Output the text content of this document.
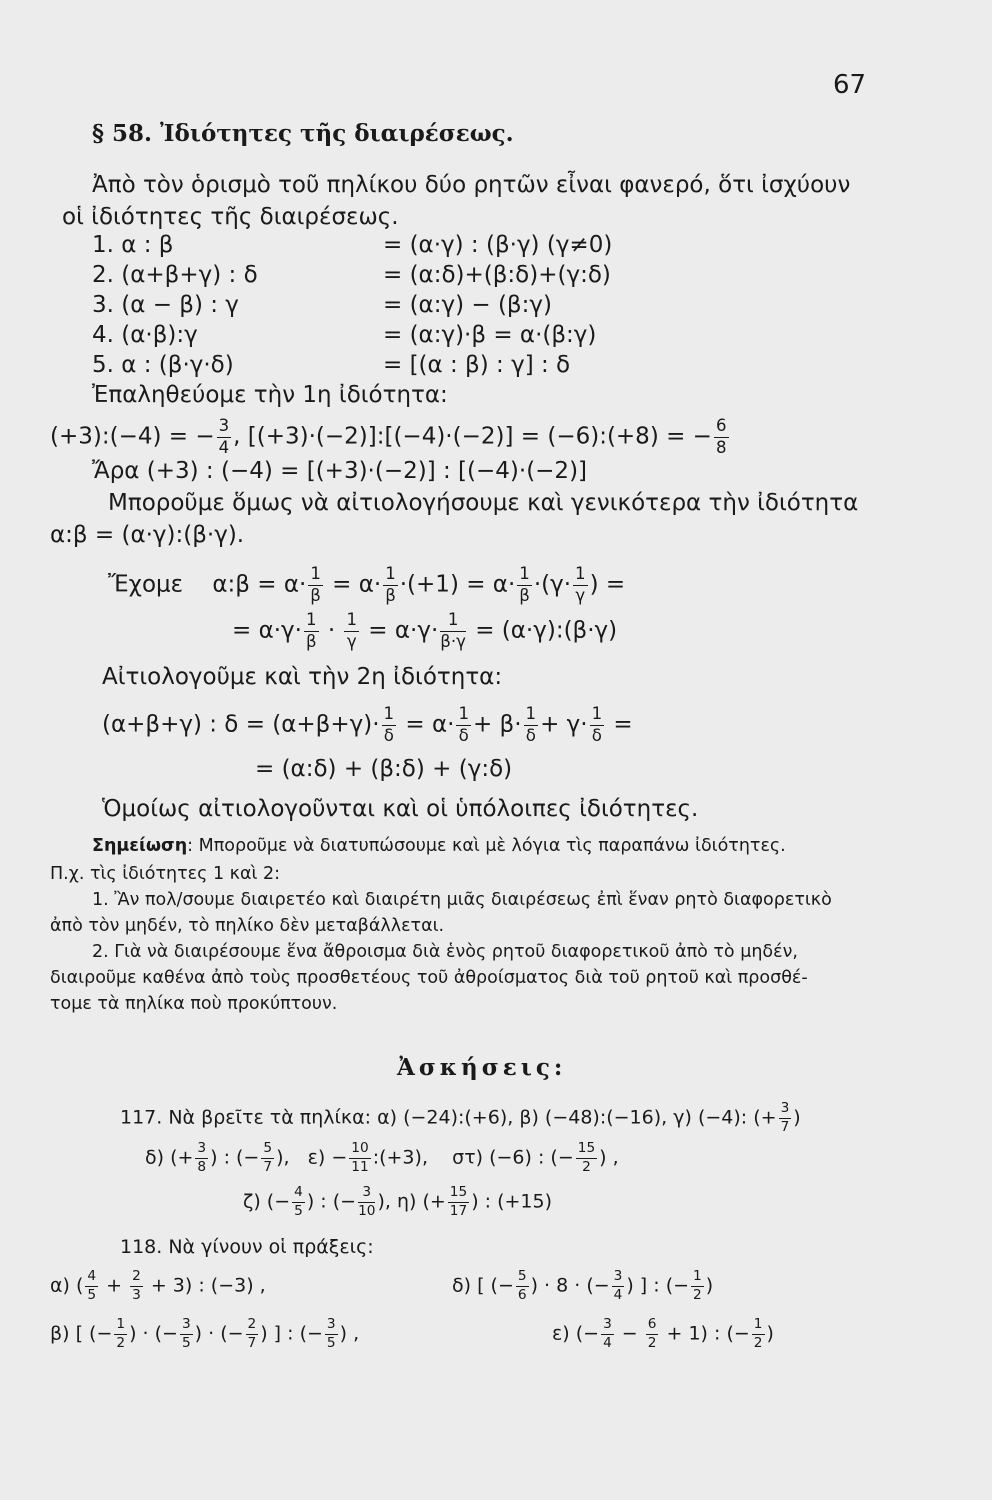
67
§ 58. Ἰδιότητες τῆς διαιρέσεως.
Ἀπὸ τὸν ὁρισμὸ τοῦ πηλίκου δύο ρητῶν εἶναι φανερό, ὅτι ἰσχύουν
οἱ ἰδιότητες τῆς διαιρέσεως.
1. α : β	= (α·γ) : (β·γ) (γ≠0)
2. (α+β+γ) : δ	= (α:δ)+(β:δ)+(γ:δ)
3. (α − β) : γ	= (α:γ) − (β:γ)
4. (α·β):γ	= (α:γ)·β = α·(β:γ)
5. α : (β·γ·δ)	= [(α : β) : γ] : δ
Ἐπαληθεύομε τὴν 1η ἰδιότητα:
(+3):(−4) = − $\frac{3}{4}$ , [(+3)·(−2)]:[(−4)·(−2)] = (−6):(+8) = − $\frac{6}{8}$
Ἄρα (+3) : (−4) = [(+3)·(−2)] : [(−4)·(−2)]
Μποροῦμε ὅμως νὰ αἰτιολογήσουμε καὶ γενικότερα τὴν ἰδιότητα
α:β = (α·γ):(β·γ).
Ἔχομε α:β = $\alpha\cdot \frac{1}{\beta} = \alpha\cdot \frac{1}{\beta} \cdot(+1) = \alpha\cdot \frac{1}{\beta} \cdot(\gamma\cdot \frac{1}{\gamma}$ ) =
= $\alpha\cdot\gamma\cdot \frac{1}{\beta} \cdot \frac{1}{\gamma} = \alpha\cdot\gamma\cdot \frac{1}{\beta\cdot\gamma}$ = (α·γ):(β·γ)
Αἰτιολογοῦμε καὶ τὴν 2η ἰδιότητα:
(α+β+γ) : $\delta = (\alpha+\beta+\gamma)\cdot \frac{1}{\delta} = \alpha\cdot \frac{1}{\delta} + \beta\cdot \frac{1}{\delta} + \gamma\cdot \frac{1}{\delta}$ =
= (α:δ) + (β:δ) + (γ:δ)
Ὁμοίως αἰτιολογοῦνται καὶ οἱ ὑπόλοιπες ἰδιότητες.
Σημείωση: Μποροῦμε νὰ διατυπώσουμε καὶ μὲ λόγια τὶς παραπάνω ἰδιότητες.
Π.χ. τὶς ἰδιότητες 1 καὶ 2:
1. Ἂν πολ/σουμε διαιρετέο καὶ διαιρέτη μιᾶς διαιρέσεως ἐπὶ ἕναν ρητὸ διαφορετικὸ
ἀπὸ τὸν μηδέν, τὸ πηλίκο δὲν μεταβάλλεται.
2. Γιὰ νὰ διαιρέσουμε ἕνα ἄθροισμα διὰ ἑνὸς ρητοῦ διαφορετικοῦ ἀπὸ τὸ μηδέν,
διαιροῦμε καθένα ἀπὸ τοὺς προσθετέους τοῦ ἀθροίσματος διὰ τοῦ ρητοῦ καὶ προσθέ-
τομε τὰ πηλίκα ποὺ προκύπτουν.
Ἀσκήσεις:
117. Νὰ βρεῖτε τὰ πηλίκα: α) (−24):(+6), β) (−48):(−16), γ) (−4): (+ $\frac{3}{7}$ )
δ) (+ $\frac{3}{8}$ ) : (− $\frac{5}{7}$ ), $\varepsilon) - \frac{10}{11}$ :(+3), στ) (−6) : (− $\frac{15}{2}$ ) ,
ζ) (− $\frac{4}{5}$ ) : (− $\frac{3}{10}$ ), η) (+ $\frac{15}{17}$ ) : (+15)
118. Νὰ γίνουν οἱ πράξεις:
α) ( $\frac{4}{5} + \frac{2}{3} + 3$) : (−3) ,	δ) [ (− $\frac{5}{6}$ ) · 8 · (− $\frac{3}{4}$ ) ] : (− $\frac{1}{2}$ )
β) [ (− $\frac{1}{2}$ ) · (− $\frac{3}{5}$ ) · (− $\frac{2}{7}$ ) ] : (− $\frac{3}{5}$ ) ,	ε) (− $\frac{3}{4} - \frac{6}{2} + 1$) : (− $\frac{1}{2}$ )
